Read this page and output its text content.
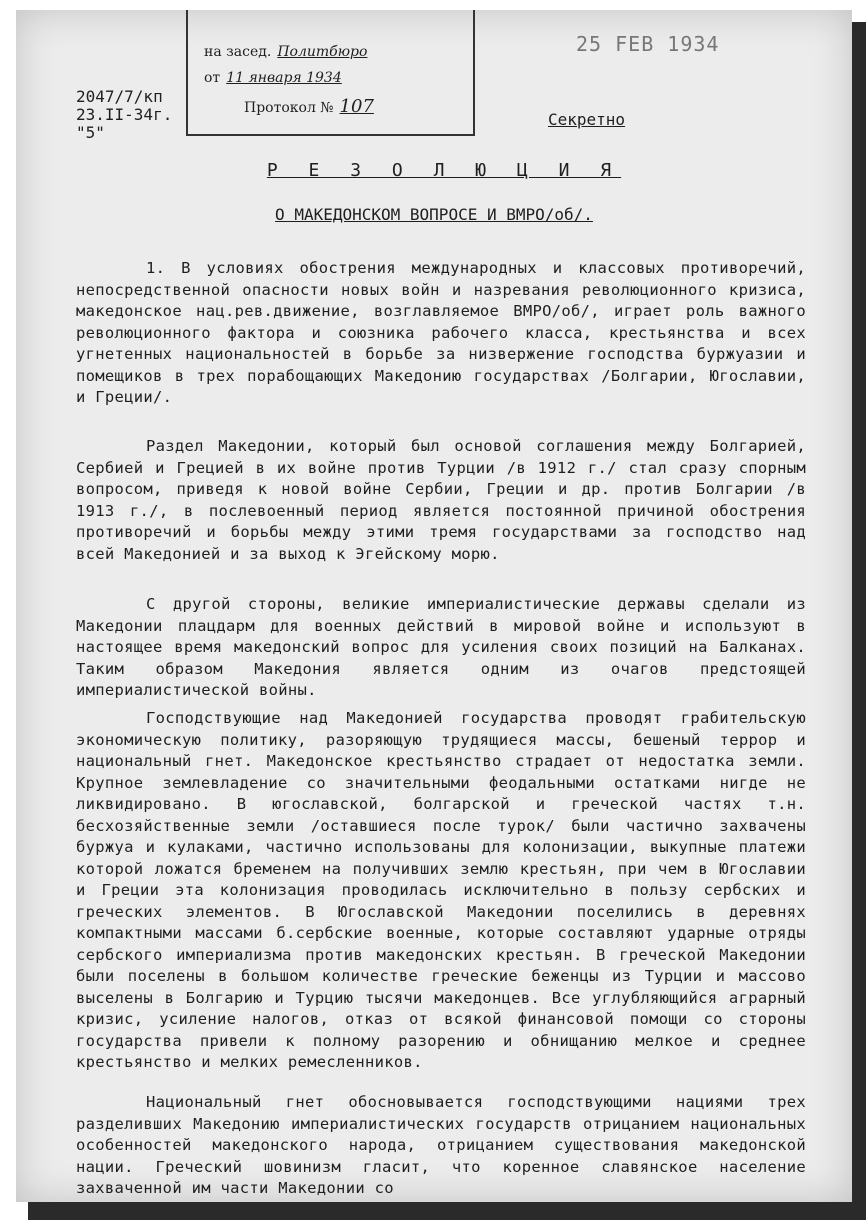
на засед. Политбюро
от 11 января 1934
Протокол № 107
2047/7/кп
23.II-34г.
"5"
25 FEB 1934
Секретно
Р Е З О Л Ю Ц И Я
О МАКЕДОНСКОМ ВОПРОСЕ И ВМРО/об/.
1. В условиях обострения международных и классовых противоречий, непосредственной опасности новых войн и назревания революционного кризиса, македонское нац.рев.движение, возглавляемое ВМРО/об/, играет роль важного революционного фактора и союзника рабочего класса, крестьянства и всех угнетенных национальностей в борьбе за низвержение господства буржуазии и помещиков в трех порабощающих Македонию государствах /Болгарии, Югославии, и Греции/.
Раздел Македонии, который был основой соглашения между Болгарией, Сербией и Грецией в их войне против Турции /в 1912 г./ стал сразу спорным вопросом, приведя к новой войне Сербии, Греции и др. против Болгарии /в 1913 г./, в послевоенный период является постоянной причиной обострения противоречий и борьбы между этими тремя государствами за господство над всей Македонией и за выход к Эгейскому морю.
С другой стороны, великие империалистические державы сделали из Македонии плацдарм для военных действий в мировой войне и используют в настоящее время македонский вопрос для усиления своих позиций на Балканах. Таким образом Македония является одним из очагов предстоящей империалистической войны.
Господствующие над Македонией государства проводят грабительскую экономическую политику, разоряющую трудящиеся массы, бешеный террор и национальный гнет. Македонское крестьянство страдает от недостатка земли. Крупное землевладение со значительными феодальными остатками нигде не ликвидировано. В югославской, болгарской и греческой частях т.н. бесхозяйственные земли /оставшиеся после турок/ были частично захвачены буржуа и кулаками, частично использованы для колонизации, выкупные платежи которой ложатся бременем на получивших землю крестьян, при чем в Югославии и Греции эта колонизация проводилась исключительно в пользу сербских и греческих элементов. В Югославской Македонии поселились в деревнях компактными массами б.сербские военные, которые составляют ударные отряды сербского империализма против македонских крестьян. В греческой Македонии были поселены в большом количестве греческие беженцы из Турции и массово выселены в Болгарию и Турцию тысячи македонцев. Все углубляющийся аграрный кризис, усиление налогов, отказ от всякой финансовой помощи со стороны государства привели к полному разорению и обнищанию мелкое и среднее крестьянство и мелких ремесленников.
Национальный гнет обосновывается господствующими нациями трех разделивших Македонию империалистических государств отрицанием национальных особенностей македонского народа, отрицанием существования македонской нации. Греческий шовинизм гласит, что коренное славянское население захваченной им части Македонии со
